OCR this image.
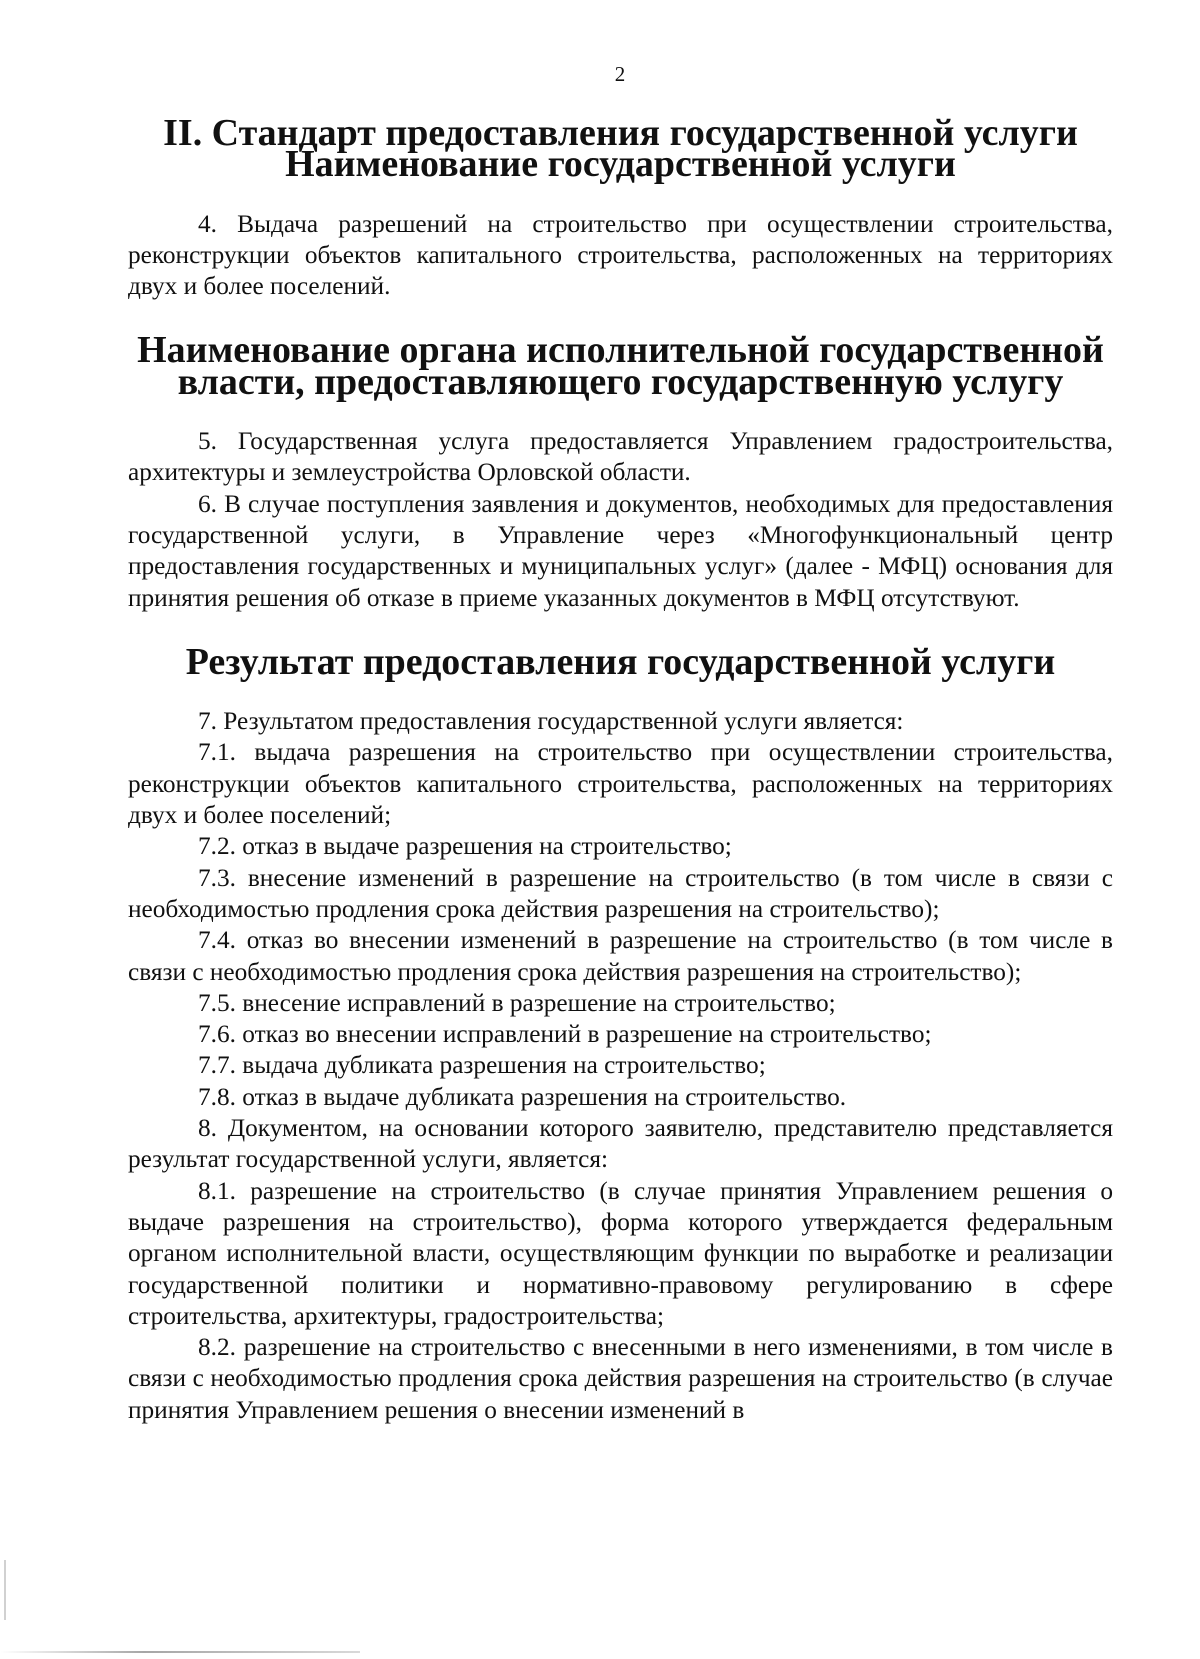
2
II. Стандарт предоставления государственной услуги
Наименование государственной услуги

4. Выдача разрешений на строительство при осуществлении строительства, реконструкции объектов капитального строительства, расположенных на территориях двух и более поселений.

Наименование органа исполнительной государственной
власти, предоставляющего государственную услугу

5. Государственная услуга предоставляется Управлением градостроительства, архитектуры и землеустройства Орловской области.

6. В случае поступления заявления и документов, необходимых для предоставления государственной услуги, в Управление через «Многофункциональный центр предоставления государственных и муниципальных услуг» (далее - МФЦ) основания для принятия решения об отказе в приеме указанных документов в МФЦ отсутствуют.

Результат предоставления государственной услуги

7. Результатом предоставления государственной услуги является:

7.1. выдача разрешения на строительство при осуществлении строительства, реконструкции объектов капитального строительства, расположенных на территориях двух и более поселений;

7.2. отказ в выдаче разрешения на строительство;

7.3. внесение изменений в разрешение на строительство (в том числе в связи с необходимостью продления срока действия разрешения на строительство);

7.4. отказ во внесении изменений в разрешение на строительство (в том числе в связи с необходимостью продления срока действия разрешения на строительство);

7.5. внесение исправлений в разрешение на строительство;

7.6. отказ во внесении исправлений в разрешение на строительство;

7.7. выдача дубликата разрешения на строительство;

7.8. отказ в выдаче дубликата разрешения на строительство.

8. Документом, на основании которого заявителю, представителю представляется результат государственной услуги, является:

8.1. разрешение на строительство (в случае принятия Управлением решения о выдаче разрешения на строительство), форма которого утверждается федеральным органом исполнительной власти, осуществляющим функции по выработке и реализации государственной политики и нормативно-правовому регулированию в сфере строительства, архитектуры, градостроительства;

8.2. разрешение на строительство с внесенными в него изменениями, в том числе в связи с необходимостью продления срока действия разрешения на строительство (в случае принятия Управлением решения о внесении изменений в
